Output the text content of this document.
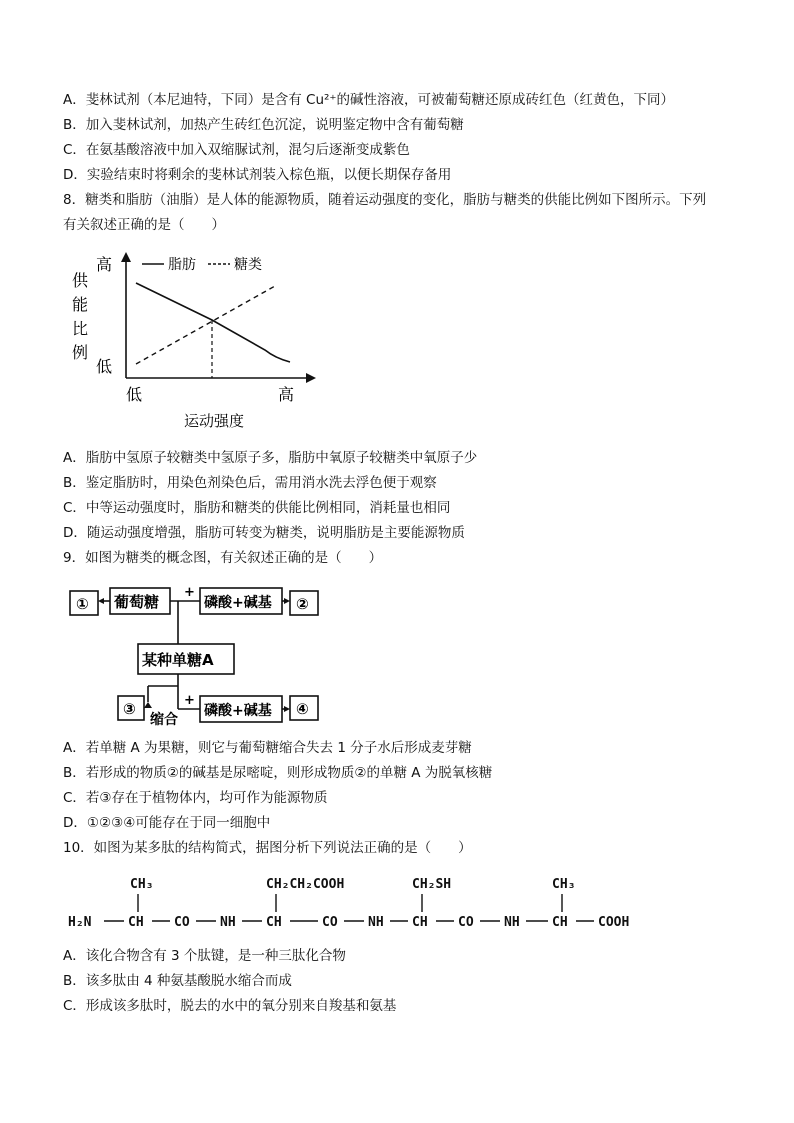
A．斐林试剂（本尼迪特，下同）是含有 Cu²⁺的碱性溶液，可被葡萄糖还原成砖红色（红黄色，下同）
B．加入斐林试剂，加热产生砖红色沉淀，说明鉴定物中含有葡萄糖
C．在氨基酸溶液中加入双缩脲试剂，混匀后逐渐变成紫色
D．实验结束时将剩余的斐林试剂装入棕色瓶，以便长期保存备用
8．糖类和脂肪（油脂）是人体的能源物质，随着运动强度的变化，脂肪与糖类的供能比例如下图所示。下列
有关叙述正确的是（　　）
脂肪	糖类
高
供
能
比
例
低
低	高
运动强度
A．脂肪中氢原子较糖类中氢原子多，脂肪中氧原子较糖类中氧原子少
B．鉴定脂肪时，用染色剂染色后，需用消水洗去浮色便于观察
C．中等运动强度时，脂肪和糖类的供能比例相同，消耗量也相同
D．随运动强度增强，脂肪可转变为糖类，说明脂肪是主要能源物质
9．如图为糖类的概念图，有关叙述正确的是（　　）
① 葡萄糖
+
磷酸+碱基 ②
某种单糖A
③
缩合
+
磷酸+碱基 ④
A．若单糖 A 为果糖，则它与葡萄糖缩合失去 1 分子水后形成麦芽糖
B．若形成的物质②的碱基是尿嘧啶，则形成物质②的单糖 A 为脱氧核糖
C．若③存在于植物体内，均可作为能源物质
D．①②③④可能存在于同一细胞中
10．如图为某多肽的结构简式，据图分析下列说法正确的是（　　）
CH₃	CH₂CH₂COOH	CH₂SH	CH₃
H₂N	CH CO NH CH	CO NH CH CO NH CH COOH
A．该化合物含有 3 个肽键，是一种三肽化合物
B．该多肽由 4 种氨基酸脱水缩合而成
C．形成该多肽时，脱去的水中的氧分别来自羧基和氨基
